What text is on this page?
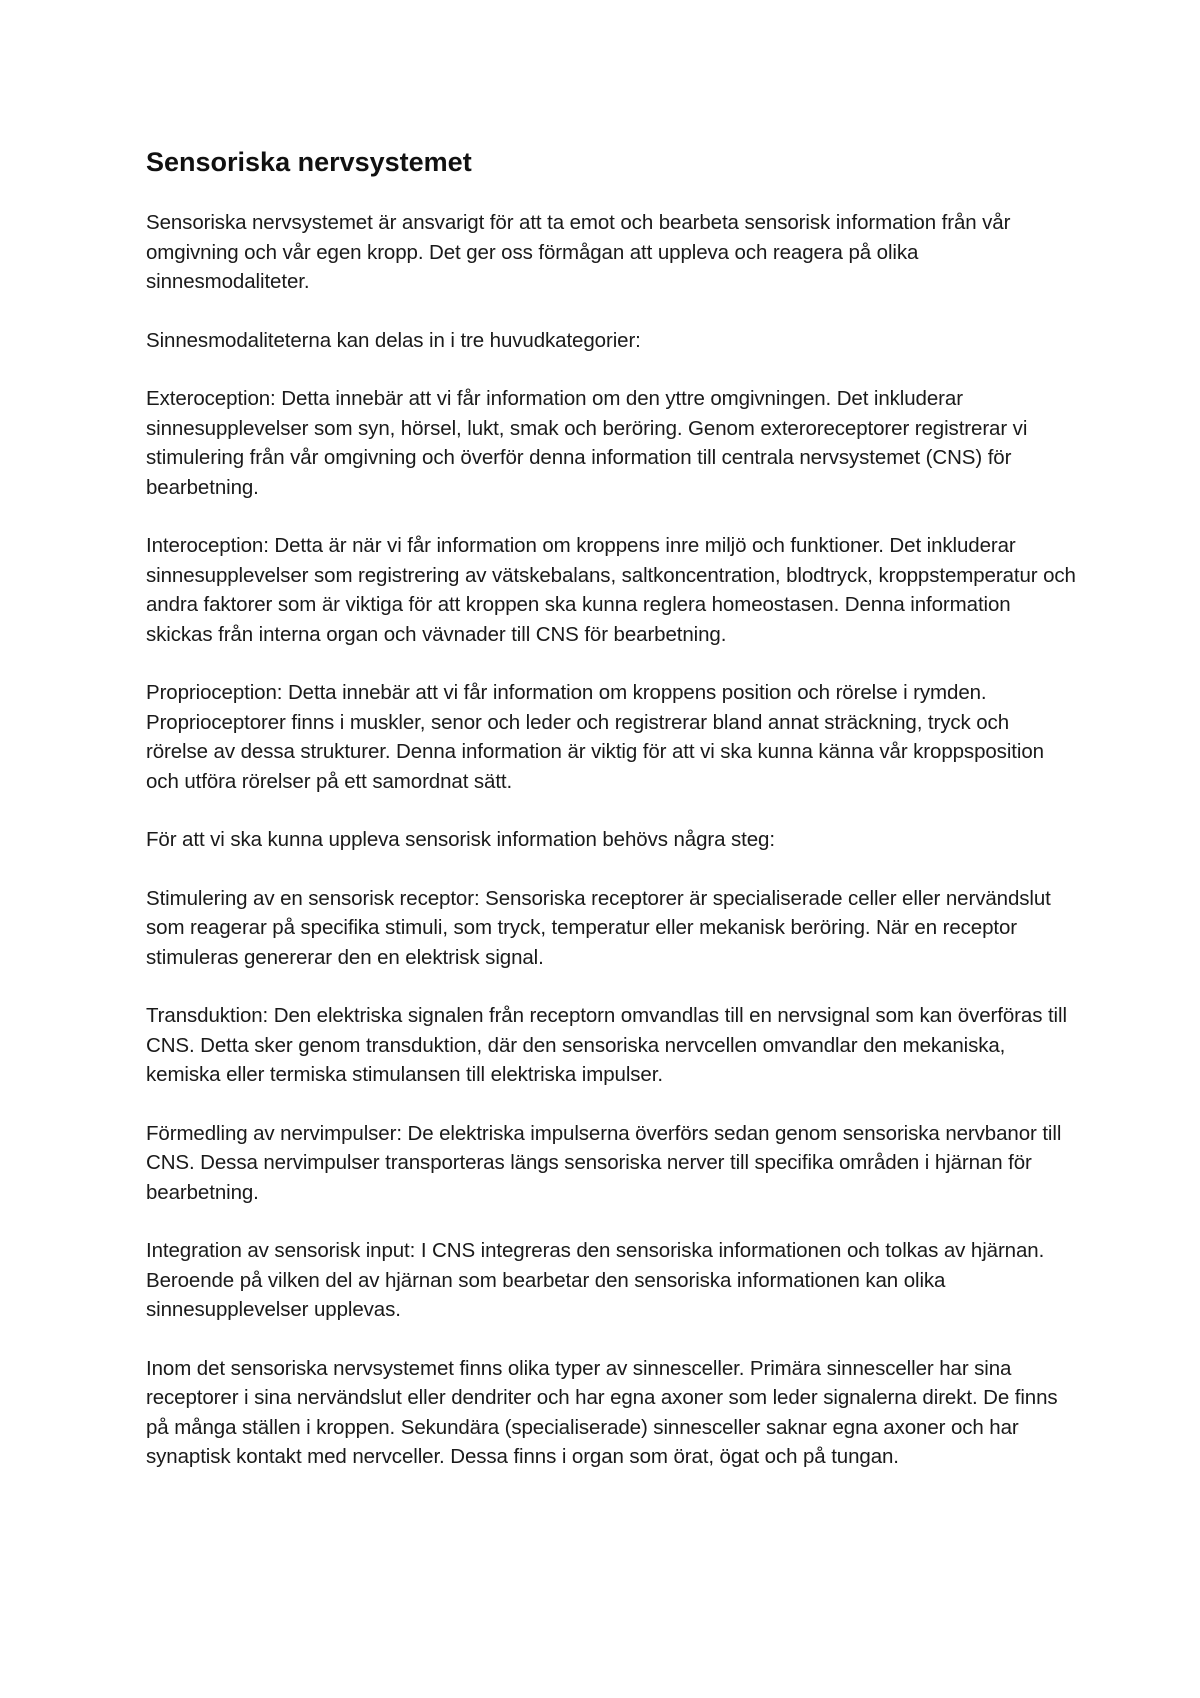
Sensoriska nervsystemet

Sensoriska nervsystemet är ansvarigt för att ta emot och bearbeta sensorisk information från vår omgivning och vår egen kropp. Det ger oss förmågan att uppleva och reagera på olika sinnesmodaliteter.

Sinnesmodaliteterna kan delas in i tre huvudkategorier:

Exteroception: Detta innebär att vi får information om den yttre omgivningen. Det inkluderar sinnesupplevelser som syn, hörsel, lukt, smak och beröring. Genom exteroreceptorer registrerar vi stimulering från vår omgivning och överför denna information till centrala nervsystemet (CNS) för bearbetning.

Interoception: Detta är när vi får information om kroppens inre miljö och funktioner. Det inkluderar sinnesupplevelser som registrering av vätskebalans, saltkoncentration, blodtryck, kroppstemperatur och andra faktorer som är viktiga för att kroppen ska kunna reglera homeostasen. Denna information skickas från interna organ och vävnader till CNS för bearbetning.

Proprioception: Detta innebär att vi får information om kroppens position och rörelse i rymden. Proprioceptorer finns i muskler, senor och leder och registrerar bland annat sträckning, tryck och rörelse av dessa strukturer. Denna information är viktig för att vi ska kunna känna vår kroppsposition och utföra rörelser på ett samordnat sätt.

För att vi ska kunna uppleva sensorisk information behövs några steg:

Stimulering av en sensorisk receptor: Sensoriska receptorer är specialiserade celler eller nervändslut som reagerar på specifika stimuli, som tryck, temperatur eller mekanisk beröring. När en receptor stimuleras genererar den en elektrisk signal.

Transduktion: Den elektriska signalen från receptorn omvandlas till en nervsignal som kan överföras till CNS. Detta sker genom transduktion, där den sensoriska nervcellen omvandlar den mekaniska, kemiska eller termiska stimulansen till elektriska impulser.

Förmedling av nervimpulser: De elektriska impulserna överförs sedan genom sensoriska nervbanor till CNS. Dessa nervimpulser transporteras längs sensoriska nerver till specifika områden i hjärnan för bearbetning.

Integration av sensorisk input: I CNS integreras den sensoriska informationen och tolkas av hjärnan. Beroende på vilken del av hjärnan som bearbetar den sensoriska informationen kan olika sinnesupplevelser upplevas.

Inom det sensoriska nervsystemet finns olika typer av sinnesceller. Primära sinnesceller har sina receptorer i sina nervändslut eller dendriter och har egna axoner som leder signalerna direkt. De finns på många ställen i kroppen. Sekundära (specialiserade) sinnesceller saknar egna axoner och har synaptisk kontakt med nervceller. Dessa finns i organ som örat, ögat och på tungan.
